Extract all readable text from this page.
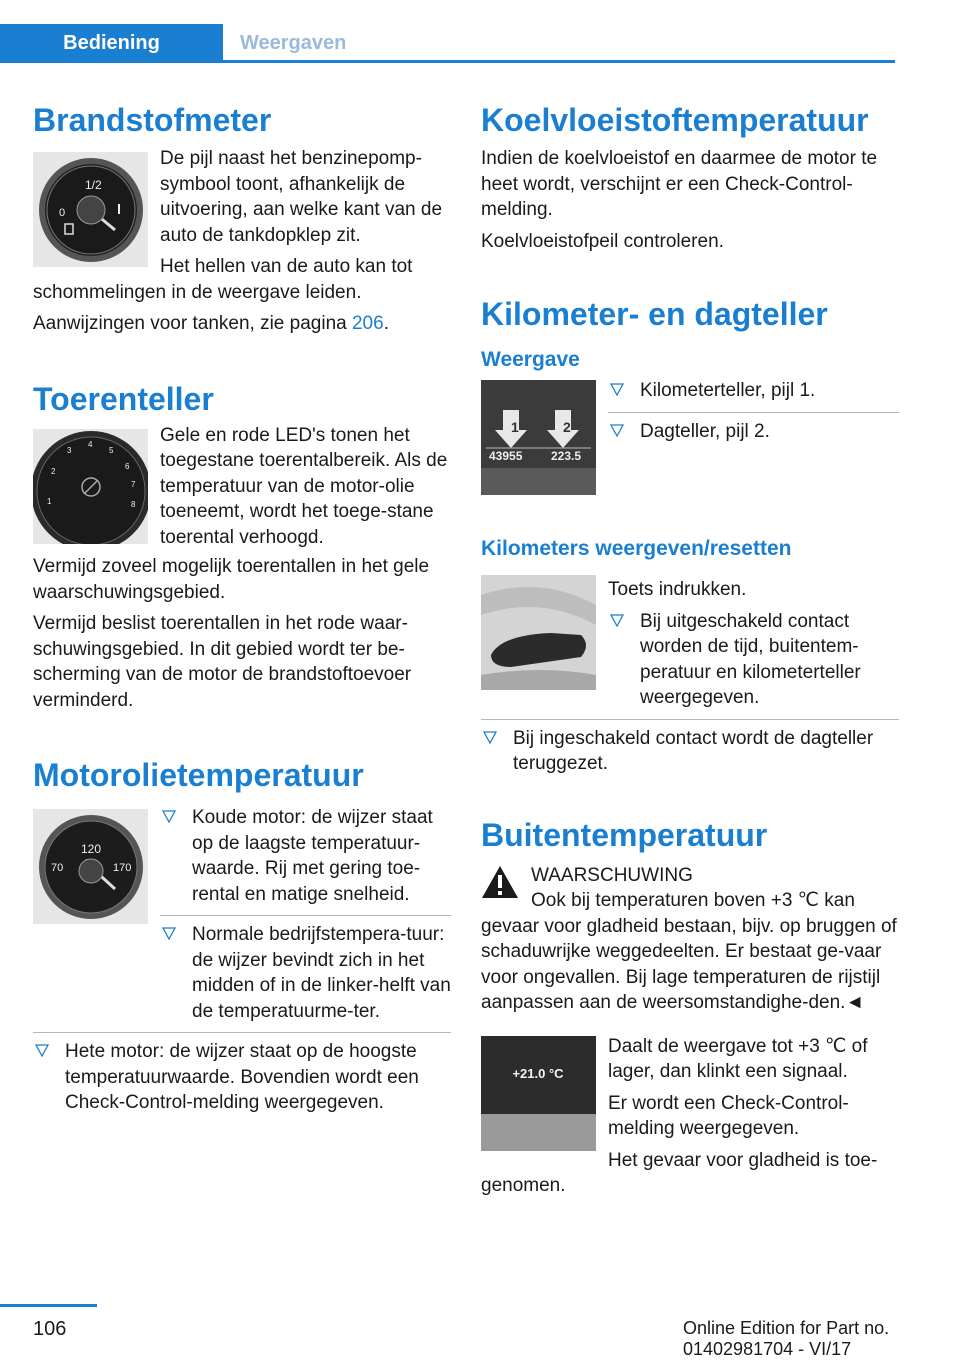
Bediening	Weergaven
Brandstofmeter
1/2
0

De pijl naast het benzinepomp-symbool toont, afhankelijk de uitvoering, aan welke kant van de auto de tankdopklep zit.

Het hellen van de auto kan tot schommelingen in de weergave leiden.

Aanwijzingen voor tanken, zie pagina 206.

Toerenteller
1
2
3
4
5
6
7
8

Gele en rode LED's tonen het toegestane toerentalbereik. Als de temperatuur van de motor-olie toeneemt, wordt het toege-stane toerental verhoogd.

Vermijd zoveel mogelijk toerentallen in het gele waarschuwingsgebied.

Vermijd beslist toerentallen in het rode waar-schuwingsgebied. In dit gebied wordt ter be-scherming van de motor de brandstoftoevoer verminderd.

Motorolietemperatuur
120
70	170
Koude motor: de wijzer staat op de laagste temperatuur-waarde. Rij met gering toe-rental en matige snelheid.
Normale bedrijfstempera-tuur: de wijzer bevindt zich in het midden of in de linker-helft van de temperatuurme-ter.
Hete motor: de wijzer staat op de hoogste temperatuurwaarde. Bovendien wordt een Check-Control-melding weergegeven.
Koelvloeistoftemperatuur

Indien de koelvloeistof en daarmee de motor te heet wordt, verschijnt er een Check-Control-melding.

Koelvloeistofpeil controleren.

Kilometer- en dagteller
Weergave
1	2
43955 223.5
Kilometerteller, pijl 1.
Dagteller, pijl 2.
Kilometers weergeven/resetten

Toets indrukken.

Bij uitgeschakeld contact worden de tijd, buitentem-peratuur en kilometerteller weergegeven.
Bij ingeschakeld contact wordt de dagteller teruggezet.
Buitentemperatuur

WAARSCHUWING

Ook bij temperaturen boven +3 ℃ kan gevaar voor gladheid bestaan, bijv. op bruggen of schaduwrijke weggedeelten. Er bestaat ge-vaar voor ongevallen. Bij lage temperaturen de rijstijl aanpassen aan de weersomstandighe-den.◄

+21.0 °C

Daalt de weergave tot +3 ℃ of lager, dan klinkt een signaal.

Er wordt een Check-Control-melding weergegeven.

Het gevaar voor gladheid is toe-genomen.

106	Online Edition for Part no. 01402981704 - VI/17
